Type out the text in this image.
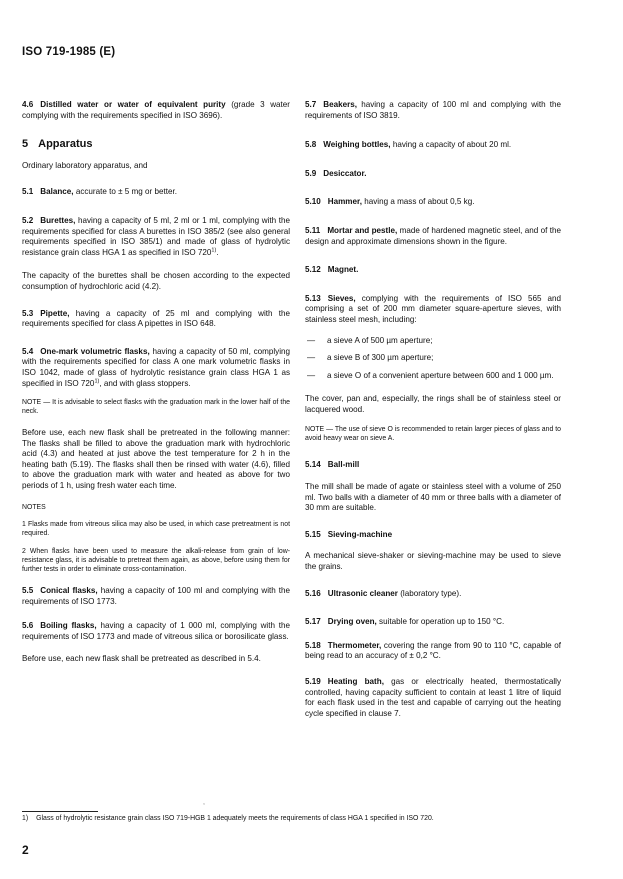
ISO 719-1985 (E)

4.6 Distilled water or water of equivalent purity (grade 3 water complying with the requirements specified in ISO 3696).

5 Apparatus

Ordinary laboratory apparatus, and

5.1 Balance, accurate to ± 5 mg or better.

5.2 Burettes, having a capacity of 5 ml, 2 ml or 1 ml, complying with the requirements specified for class A burettes in ISO 385/2 (see also general requirements specified in ISO 385/1) and made of glass of hydrolytic resistance grain class HGA 1 as specified in ISO 720$^{1)}$.

The capacity of the burettes shall be chosen according to the expected consumption of hydrochloric acid (4.2).

5.3 Pipette, having a capacity of 25 ml and complying with the requirements specified for class A pipettes in ISO 648.

5.4 One-mark volumetric flasks, having a capacity of 50 ml, complying with the requirements specified for class A one mark volumetric flasks in ISO 1042, made of glass of hydrolytic resistance grain class HGA 1 as specified in ISO 720$^{1)}$, and with glass stoppers.

NOTE — It is advisable to select flasks with the graduation mark in the lower half of the neck.

Before use, each new flask shall be pretreated in the following manner: The flasks shall be filled to above the graduation mark with hydrochloric acid (4.3) and heated at just above the test temperature for 2 h in the heating bath (5.19). The flasks shall then be rinsed with water (4.6), filled to above the graduation mark with water and heated as above for two periods of 1 h, using fresh water each time.

NOTES

1 Flasks made from vitreous silica may also be used, in which case pretreatment is not required.

2 When flasks have been used to measure the alkali-release from grain of low-resistance glass, it is advisable to pretreat them again, as above, before using them for further tests in order to eliminate cross-contamination.

5.5 Conical flasks, having a capacity of 100 ml and complying with the requirements of ISO 1773.

5.6 Boiling flasks, having a capacity of 1 000 ml, complying with the requirements of ISO 1773 and made of vitreous silica or borosilicate glass.

Before use, each new flask shall be pretreated as described in 5.4.

5.7 Beakers, having a capacity of 100 ml and complying with the requirements of ISO 3819.

5.8 Weighing bottles, having a capacity of about 20 ml.

5.9 Desiccator.

5.10 Hammer, having a mass of about 0,5 kg.

5.11 Mortar and pestle, made of hardened magnetic steel, and of the design and approximate dimensions shown in the figure.

5.12 Magnet.

5.13 Sieves, complying with the requirements of ISO 565 and comprising a set of 200 mm diameter square-aperture sieves, with stainless steel mesh, including:

— a sieve A of 500 µm aperture;
— a sieve B of 300 µm aperture;
— a sieve O of a convenient aperture between 600 and 1 000 µm.

The cover, pan and, especially, the rings shall be of stainless steel or lacquered wood.

NOTE — The use of sieve O is recommended to retain larger pieces of glass and to avoid heavy wear on sieve A.

5.14 Ball-mill

The mill shall be made of agate or stainless steel with a volume of 250 ml. Two balls with a diameter of 40 mm or three balls with a diameter of 30 mm are suitable.

5.15 Sieving-machine

A mechanical sieve-shaker or sieving-machine may be used to sieve the grains.

5.16 Ultrasonic cleaner (laboratory type).

5.17 Drying oven, suitable for operation up to 150 °C.

5.18 Thermometer, covering the range from 90 to 110 °C, capable of being read to an accuracy of ± 0,2 °C.

5.19 Heating bath, gas or electrically heated, thermostatically controlled, having capacity sufficient to contain at least 1 litre of liquid for each flask used in the test and capable of carrying out the heating cycle specified in clause 7.

,
1) Glass of hydrolytic resistance grain class ISO 719-HGB 1 adequately meets the requirements of class HGA 1 specified in ISO 720.
2
